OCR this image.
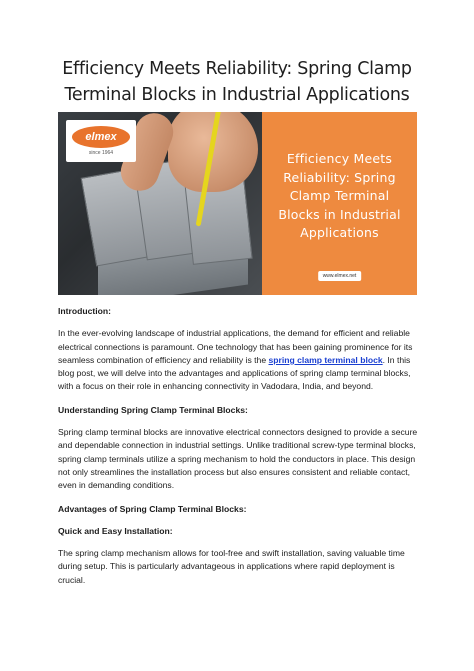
Efficiency Meets Reliability: Spring Clamp
Terminal Blocks in Industrial Applications
elmex
since 1964	Efficiency Meets
Reliability: Spring
Clamp Terminal
Blocks in Industrial
Applications
www.elmex.net
Introduction:
In the ever-evolving landscape of industrial applications, the demand for efficient and reliable electrical connections is paramount. One technology that has been gaining prominence for its seamless combination of efficiency and reliability is the spring clamp terminal block. In this blog post, we will delve into the advantages and applications of spring clamp terminal blocks, with a focus on their role in enhancing connectivity in Vadodara, India, and beyond.
Understanding Spring Clamp Terminal Blocks:
Spring clamp terminal blocks are innovative electrical connectors designed to provide a secure and dependable connection in industrial settings. Unlike traditional screw-type terminal blocks, spring clamp terminals utilize a spring mechanism to hold the conductors in place. This design not only streamlines the installation process but also ensures consistent and reliable contact, even in demanding conditions.
Advantages of Spring Clamp Terminal Blocks:
Quick and Easy Installation:
The spring clamp mechanism allows for tool-free and swift installation, saving valuable time during setup. This is particularly advantageous in applications where rapid deployment is crucial.
